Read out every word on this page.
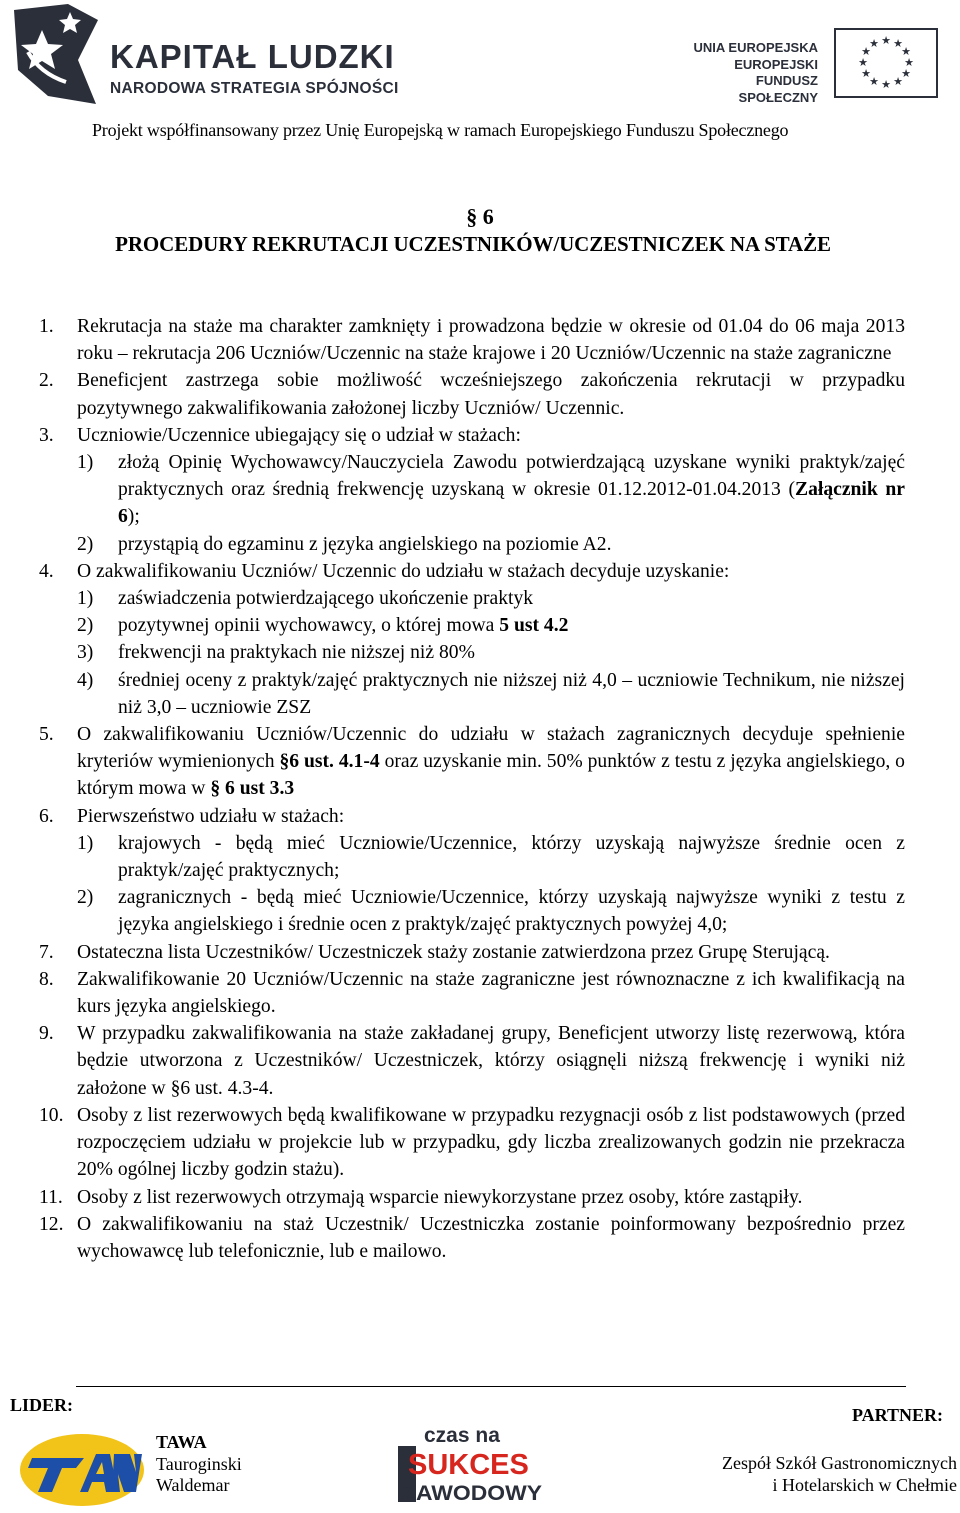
KAPITAŁ LUDZKI
NARODOWA STRATEGIA SPÓJNOŚCI
UNIA EUROPEJSKA
EUROPEJSKI
FUNDUSZ SPOŁECZNY
★ ★
★
★
★
★
★
★
★
★
★
★
Projekt współfinansowany przez Unię Europejską w ramach Europejskiego Funduszu Społecznego
§ 6
PROCEDURY REKRUTACJI UCZESTNIKÓW/UCZESTNICZEK NA STAŻE
1. Rekrutacja na staże ma charakter zamknięty i prowadzona będzie w okresie od 01.04 do 06 maja 2013 roku – rekrutacja 206 Uczniów/Uczennic na staże krajowe i 20 Uczniów/Uczennic na staże zagraniczne
2. Beneficjent zastrzega sobie możliwość wcześniejszego zakończenia rekrutacji w przypadku pozytywnego zakwalifikowania założonej liczby Uczniów/ Uczennic.
3. Uczniowie/Uczennice ubiegający się o udział w stażach:
1) złożą Opinię Wychowawcy/Nauczyciela Zawodu potwierdzającą uzyskane wyniki praktyk/zajęć praktycznych oraz średnią frekwencję uzyskaną w okresie 01.12.2012-01.04.2013 (Załącznik nr 6);
2) przystąpią do egzaminu z języka angielskiego na poziomie A2.
4. O zakwalifikowaniu Uczniów/ Uczennic do udziału w stażach decyduje uzyskanie:
1) zaświadczenia potwierdzającego ukończenie praktyk
2) pozytywnej opinii wychowawcy, o której mowa 5 ust 4.2
3) frekwencji na praktykach nie niższej niż 80%
4) średniej oceny z praktyk/zajęć praktycznych nie niższej niż 4,0 – uczniowie Technikum, nie niższej niż 3,0 – uczniowie ZSZ
5. O zakwalifikowaniu Uczniów/Uczennic do udziału w stażach zagranicznych decyduje spełnienie kryteriów wymienionych §6 ust. 4.1-4 oraz uzyskanie min. 50% punktów z testu z języka angielskiego, o którym mowa w § 6 ust 3.3
6. Pierwszeństwo udziału w stażach:
1) krajowych - będą mieć Uczniowie/Uczennice, którzy uzyskają najwyższe średnie ocen z praktyk/zajęć praktycznych;
2) zagranicznych - będą mieć Uczniowie/Uczennice, którzy uzyskają najwyższe wyniki z testu z języka angielskiego i średnie ocen z praktyk/zajęć praktycznych powyżej 4,0;
7. Ostateczna lista Uczestników/ Uczestniczek staży zostanie zatwierdzona przez Grupę Sterującą.
8. Zakwalifikowanie 20 Uczniów/Uczennic na staże zagraniczne jest równoznaczne z ich kwalifikacją na kurs języka angielskiego.
9. W przypadku zakwalifikowania na staże zakładanej grupy, Beneficjent utworzy listę rezerwową, która będzie utworzona z Uczestników/ Uczestniczek, którzy osiągnęli niższą frekwencję i wyniki niż założone w §6 ust. 4.3-4.
10. Osoby z list rezerwowych będą kwalifikowane w przypadku rezygnacji osób z list podstawowych (przed rozpoczęciem udziału w projekcie lub w przypadku, gdy liczba zrealizowanych godzin nie przekracza 20% ogólnej liczby godzin stażu).
11. Osoby z list rezerwowych otrzymają wsparcie niewykorzystane przez osoby, które zastąpiły.
12. O zakwalifikowaniu na staż Uczestnik/ Uczestniczka zostanie poinformowany bezpośrednio przez wychowawcę lub telefonicznie, lub e mailowo.
LIDER:	PARTNER:
TAWA
Tauroginski
Waldemar
czas na
SUKCES
ZAWODOWY
Zespół Szkół Gastronomicznych
i Hotelarskich w Chełmie
